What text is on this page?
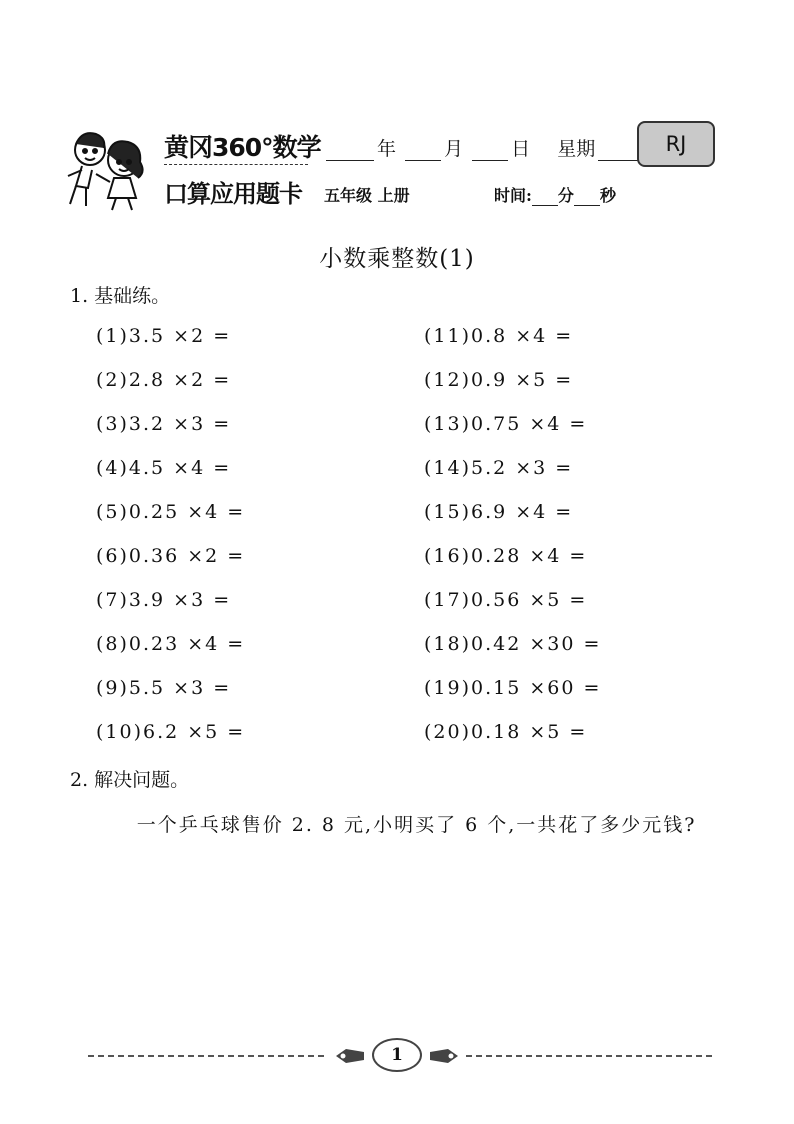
黄冈360°数学
口算应用题卡
年	月	日 星期	RJ
五年级 上册	时间: 分 秒
小数乘整数(1)
1. 基础练。
(1)3.5 ×2 =
(2)2.8 ×2 =
(3)3.2 ×3 =
(4)4.5 ×4 =
(5)0.25 ×4 =
(6)0.36 ×2 =
(7)3.9 ×3 =
(8)0.23 ×4 =
(9)5.5 ×3 =
(10)6.2 ×5 =
(11)0.8 ×4 =
(12)0.9 ×5 =
(13)0.75 ×4 =
(14)5.2 ×3 =
(15)6.9 ×4 =
(16)0.28 ×4 =
(17)0.56 ×5 =
(18)0.42 ×30 =
(19)0.15 ×60 =
(20)0.18 ×5 =
2. 解决问题。
一个乒乓球售价 2. 8 元,小明买了 6 个,一共花了多少元钱?
1
